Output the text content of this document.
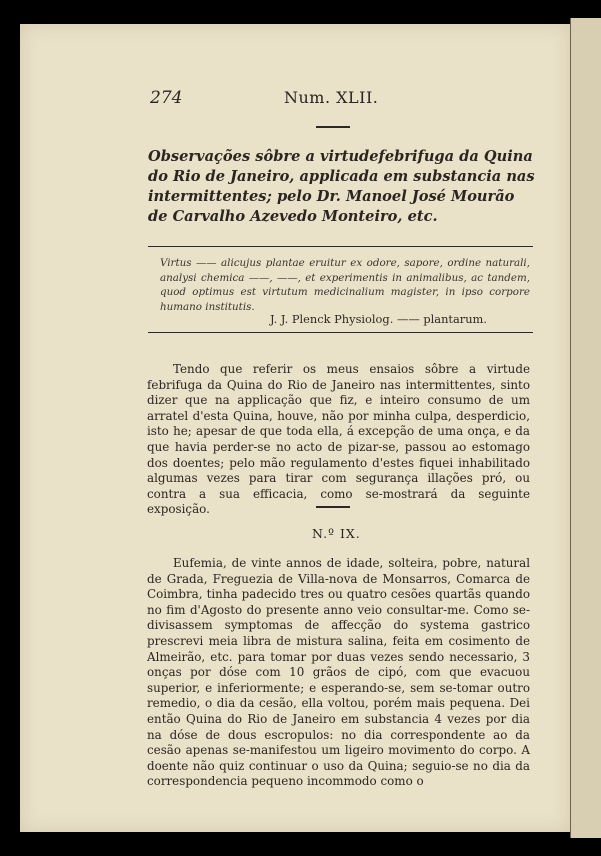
274	Num. XLII.
Observações sôbre a virtudefebrifuga da Quina do Rio de Janeiro, applicada em substancia nas intermittentes; pelo Dr. Manoel José Mourão de Carvalho Azevedo Monteiro, etc.
Virtus —— alicujus plantae eruitur ex odore, sapore, ordine naturali, analysi chemica ——, ——, et experimentis in animalibus, ac tandem, quod optimus est virtutum medicinalium magister, in ipso corpore humano institutis.
J. J. Plenck Physiolog. —— plantarum.
Tendo que referir os meus ensaios sôbre a virtude febrifuga da Quina do Rio de Janeiro nas intermittentes, sinto dizer que na applicação que fiz, e inteiro consumo de um arratel d'esta Quina, houve, não por minha culpa, desperdicio, isto he; apesar de que toda ella, á excepção de uma onça, e da que havia perder-se no acto de pizar-se, passou ao estomago dos doentes; pelo mão regulamento d'estes fiquei inhabilitado algumas vezes para tirar com segurança illações pró, ou contra a sua efficacia, como se-mostrará da seguinte exposição.
N.º IX.
Eufemia, de vinte annos de idade, solteira, pobre, natural de Grada, Freguezia de Villa-nova de Monsarros, Comarca de Coimbra, tinha padecido tres ou quatro cesões quartãs quando no fim d'Agosto do presente anno veio consultar-me. Como se-divisassem symptomas de affecção do systema gastrico prescrevi meia libra de mistura salina, feita em cosimento de Almeirão, etc. para tomar por duas vezes sendo necessario, 3 onças por dóse com 10 grãos de cipó, com que evacuou superior, e inferiormente; e esperando-se, sem se-tomar outro remedio, o dia da cesão, ella voltou, porém mais pequena. Dei então Quina do Rio de Janeiro em substancia 4 vezes por dia na dóse de dous escropulos: no dia correspondente ao da cesão apenas se-manifestou um ligeiro movimento do corpo. A doente não quiz continuar o uso da Quina; seguio-se no dia da correspondencia pequeno incommodo como o
